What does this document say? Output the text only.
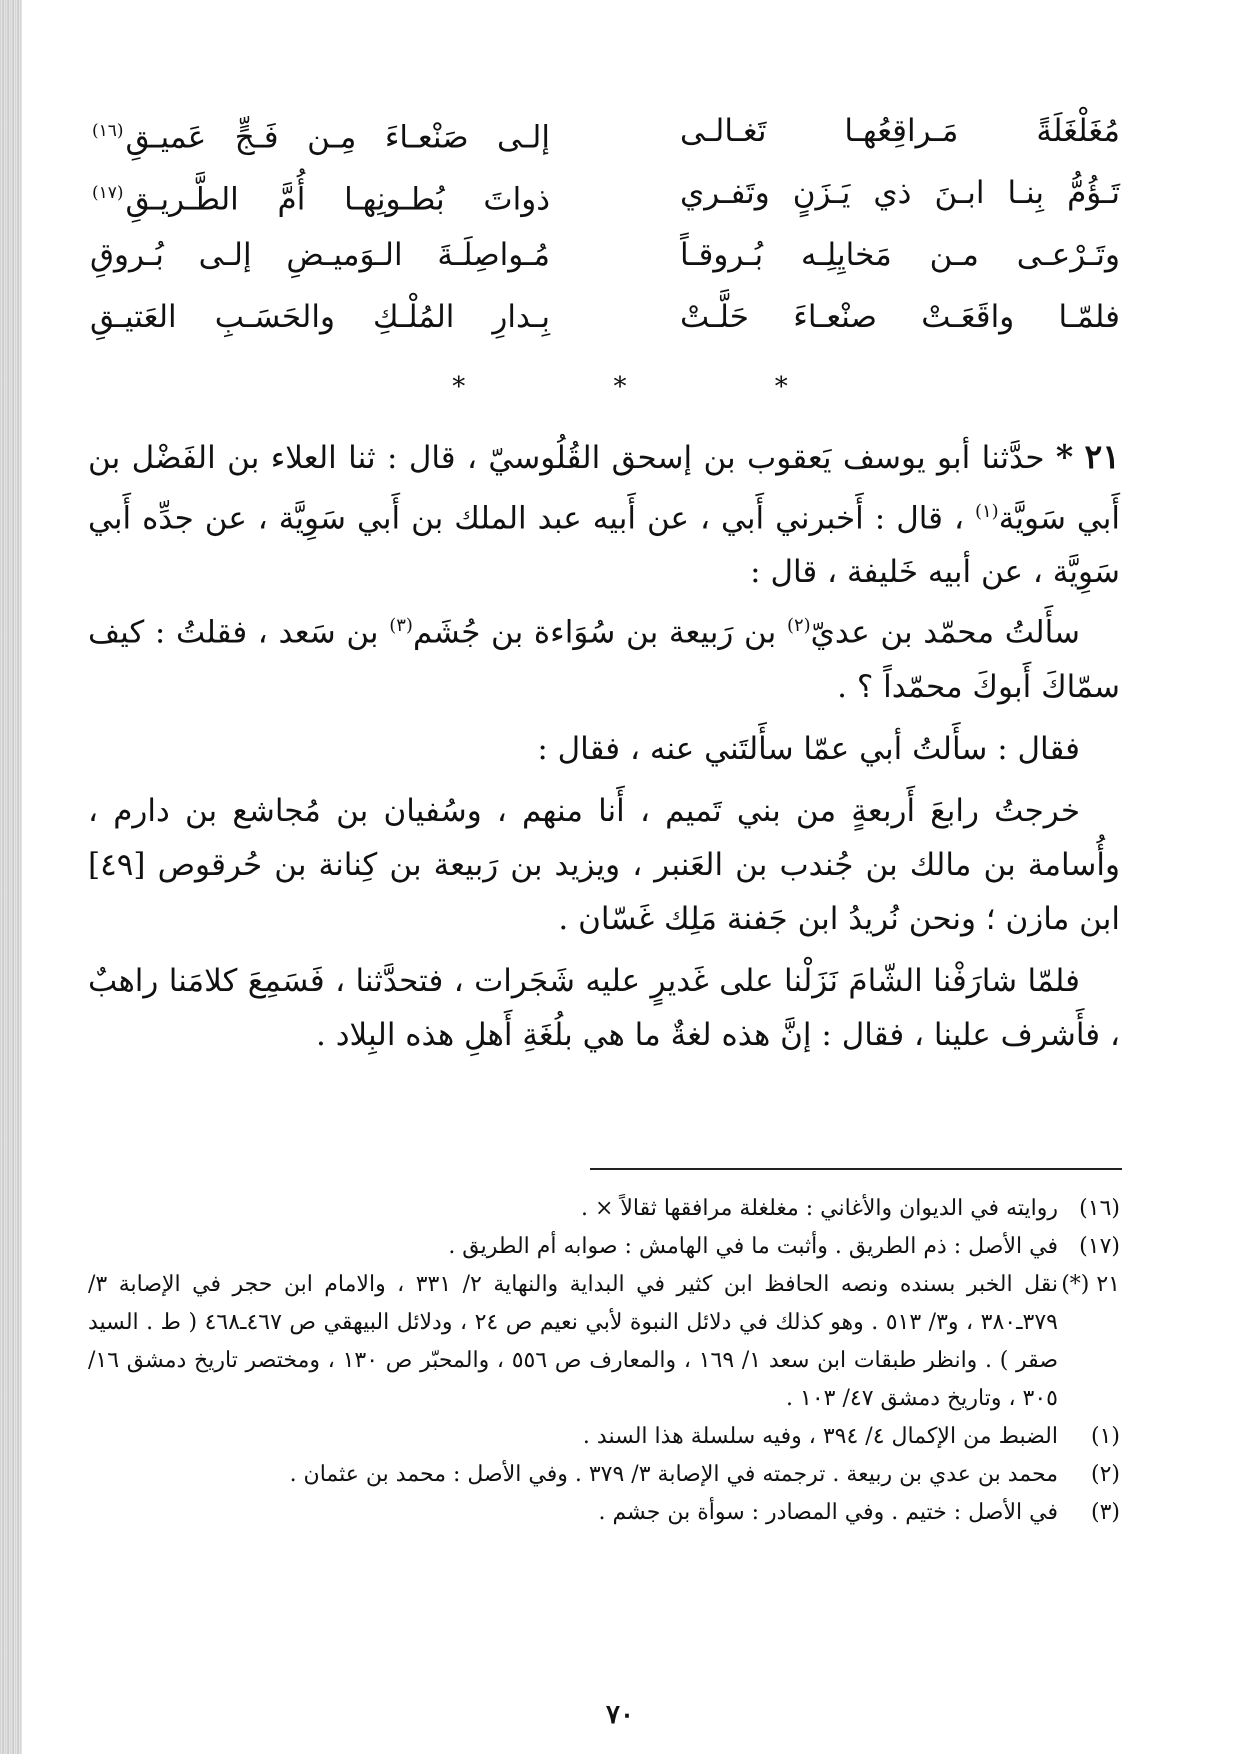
مُغَلْغَلَةً مَـراقِعُهـا تَغـالـى
إلـى صَنْعـاءَ مِـن فَـجٍّ عَميـقِ$^{(١٦)}$
تَـؤُمُّ بِنـا ابـنَ ذي يَـزَنٍ وتَفـري
ذواتَ بُطـونِهـا أُمَّ الطَّـريـقِ$^{(١٧)}$
وتَـرْعـى مـن مَخايِلِـه بُـروقـاً
مُـواصِلَـةَ الـوَميـضِ إلـى بُـروقِ
فلمّـا واقَعَـتْ صنْعـاءَ حَلَّـتْ
بِـدارِ المُلْـكِ والحَسَـبِ العَتيـقِ
* * *

٢١ * حدَّثنا أبو يوسف يَعقوب بن إسحق القُلُوسيّ ، قال : ثنا العلاء بن الفَضْل بن أَبي سَويَّة$^{(١)}$ ، قال : أَخبرني أَبي ، عن أَبيه عبد الملك بن أَبي سَوِيَّة ، عن جدِّه أَبي سَوِيَّة ، عن أبيه خَليفة ، قال :

سأَلتُ محمّد بن عديّ$^{(٢)}$ بن رَبيعة بن سُوَاءة بن جُشَم$^{(٣)}$ بن سَعد ، فقلتُ : كيف سمّاكَ أَبوكَ محمّداً ؟ .

فقال : سأَلتُ أبي عمّا سأَلتَني عنه ، فقال :

خرجتُ رابعَ أَربعةٍ من بني تَميم ، أَنا منهم ، وسُفيان بن مُجاشع بن دارم ، وأُسامة بن مالك بن جُندب بن العَنبر ، ويزيد بن رَبيعة بن كِنانة بن حُرقوص [٤٩] ابن مازن ؛ ونحن نُريدُ ابن جَفنة مَلِك غَسّان .

فلمّا شارَفْنا الشّامَ نَزَلْنا على غَديرٍ عليه شَجَرات ، فتحدَّثنا ، فَسَمِعَ كلامَنا راهبٌ ، فأَشرف علينا ، فقال : إنَّ هذه لغةٌ ما هي بلُغَةِ أَهلِ هذه البِلاد .

(١٦)
روايته في الديوان والأغاني : مغلغلة مرافقها ثقالاً × .

(١٧)
في الأصل : ذم الطريق . وأثبت ما في الهامش : صوابه أم الطريق .

٢١ (*)
نقل الخبر بسنده ونصه الحافظ ابن كثير في البداية والنهاية ٢/ ٣٣١ ، والامام ابن حجر في الإصابة ٣/ ٣٧٩ـ٣٨٠ ، و٣/ ٥١٣ . وهو كذلك في دلائل النبوة لأبي نعيم ص ٢٤ ، ودلائل البيهقي ص ٤٦٧ـ٤٦٨ ( ط . السيد صقر ) . وانظر طبقات ابن سعد ١/ ١٦٩ ، والمعارف ص ٥٥٦ ، والمحبّر ص ١٣٠ ، ومختصر تاريخ دمشق ١٦/ ٣٠٥ ، وتاريخ دمشق ٤٧/ ١٠٣ .

(١)
الضبط من الإكمال ٤/ ٣٩٤ ، وفيه سلسلة هذا السند .

(٢)
محمد بن عدي بن ربيعة . ترجمته في الإصابة ٣/ ٣٧٩ . وفي الأصل : محمد بن عثمان .

(٣)
في الأصل : ختيم . وفي المصادر : سوأة بن جشم .

٧٠
